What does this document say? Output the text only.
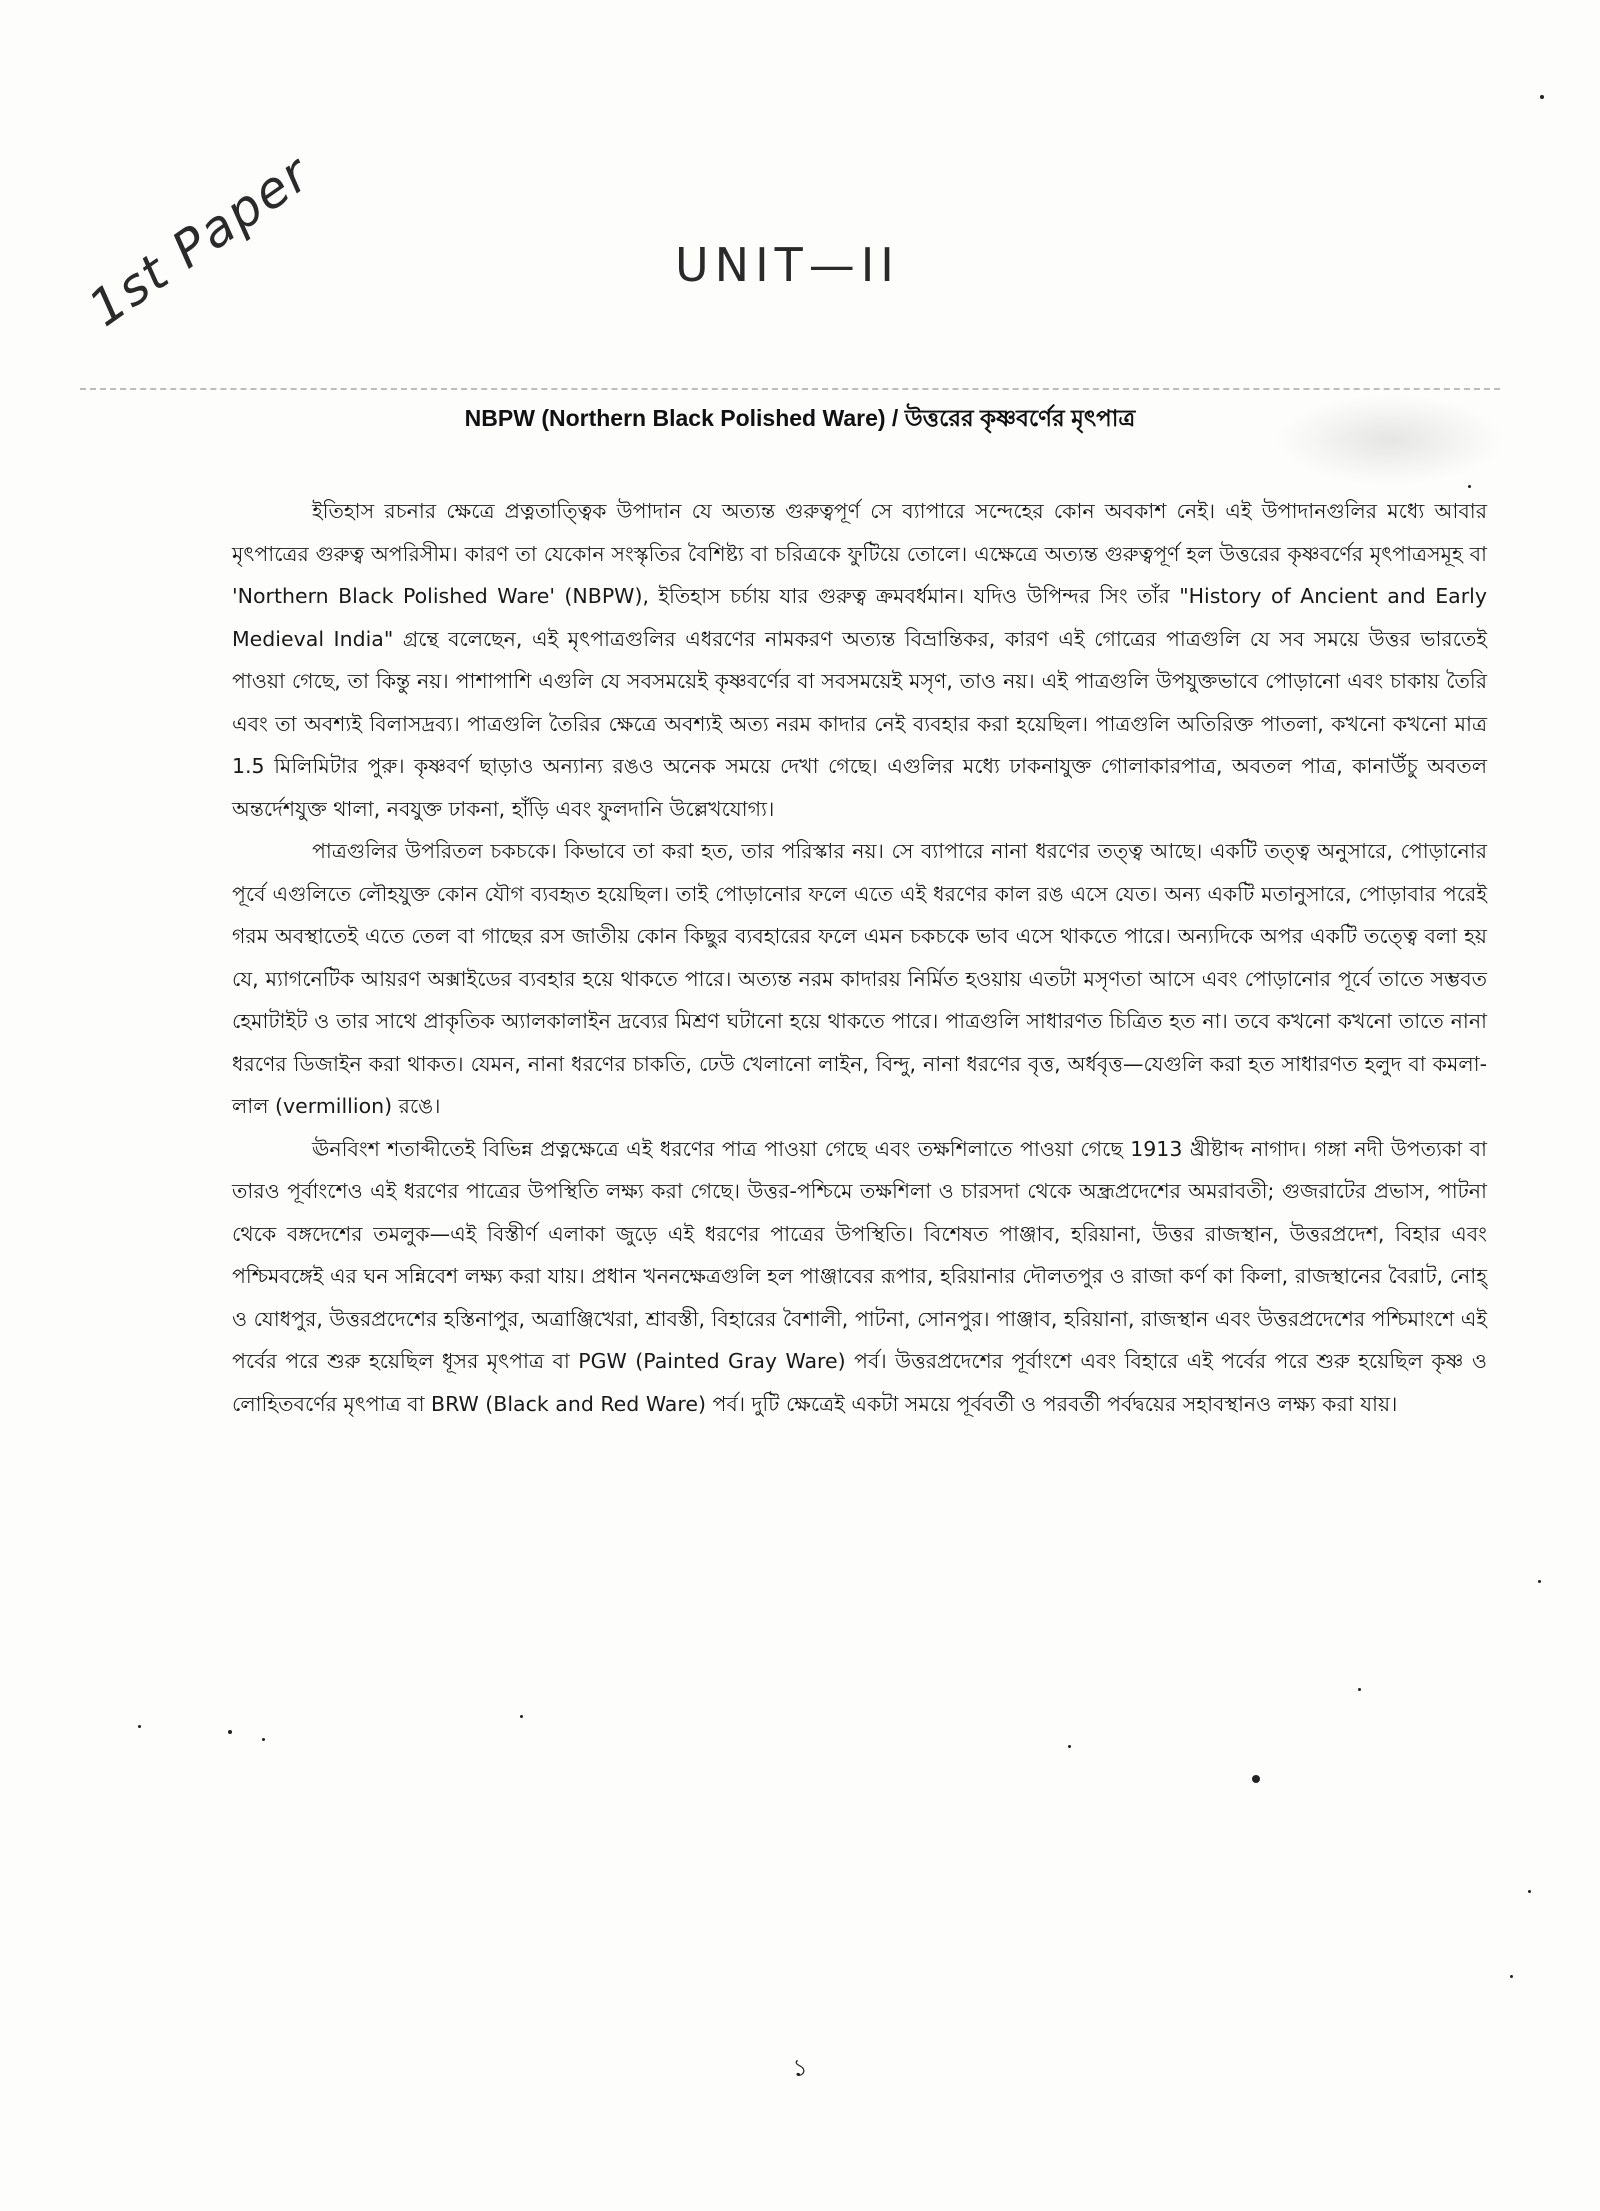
1st Paper	UNIT—II
NBPW (Northern Black Polished Ware) / উত্তরের কৃষ্ণবর্ণের মৃৎপাত্র

ইতিহাস রচনার ক্ষেত্রে প্রত্নতাত্ত্বিক উপাদান যে অত্যন্ত গুরুত্বপূর্ণ সে ব্যাপারে সন্দেহের কোন অবকাশ নেই। এই উপাদানগুলির মধ্যে আবার মৃৎপাত্রের গুরুত্ব অপরিসীম। কারণ তা যেকোন সংস্কৃতির বৈশিষ্ট্য বা চরিত্রকে ফুটিয়ে তোলে। এক্ষেত্রে অত্যন্ত গুরুত্বপূর্ণ হল উত্তরের কৃষ্ণবর্ণের মৃৎপাত্রসমূহ বা 'Northern Black Polished Ware' (NBPW), ইতিহাস চর্চায় যার গুরুত্ব ক্রমবর্ধমান। যদিও উপিন্দর সিং তাঁর "History of Ancient and Early Medieval India" গ্রন্থে বলেছেন, এই মৃৎপাত্রগুলির এধরণের নামকরণ অত্যন্ত বিভ্রান্তিকর, কারণ এই গোত্রের পাত্রগুলি যে সব সময়ে উত্তর ভারতেই পাওয়া গেছে, তা কিন্তু নয়। পাশাপাশি এগুলি যে সবসময়েই কৃষ্ণবর্ণের বা সবসময়েই মসৃণ, তাও নয়। এই পাত্রগুলি উপযুক্তভাবে পোড়ানো এবং চাকায় তৈরি এবং তা অবশ্যই বিলাসদ্রব্য। পাত্রগুলি তৈরির ক্ষেত্রে অবশ্যই অত্য নরম কাদার নেই ব্যবহার করা হয়েছিল। পাত্রগুলি অতিরিক্ত পাতলা, কখনো কখনো মাত্র 1.5 মিলিমিটার পুরু। কৃষ্ণবর্ণ ছাড়াও অন্যান্য রঙও অনেক সময়ে দেখা গেছে। এগুলির মধ্যে ঢাকনাযুক্ত গোলাকারপাত্র, অবতল পাত্র, কানাউঁচু অবতল অন্তর্দেশযুক্ত থালা, নবযুক্ত ঢাকনা, হাঁড়ি এবং ফুলদানি উল্লেখযোগ্য।

পাত্রগুলির উপরিতল চকচকে। কিভাবে তা করা হত, তার পরিস্কার নয়। সে ব্যাপারে নানা ধরণের তত্ত্ব আছে। একটি তত্ত্ব অনুসারে, পোড়ানোর পূর্বে এগুলিতে লৌহযুক্ত কোন যৌগ ব্যবহৃত হয়েছিল। তাই পোড়ানোর ফলে এতে এই ধরণের কাল রঙ এসে যেত। অন্য একটি মতানুসারে, পোড়াবার পরেই গরম অবস্থাতেই এতে তেল বা গাছের রস জাতীয় কোন কিছুর ব্যবহারের ফলে এমন চকচকে ভাব এসে থাকতে পারে। অন্যদিকে অপর একটি তত্ত্বে বলা হয় যে, ম্যাগনেটিক আয়রণ অক্সাইডের ব্যবহার হয়ে থাকতে পারে। অত্যন্ত নরম কাদারয় নির্মিত হওয়ায় এতটা মসৃণতা আসে এবং পোড়ানোর পূর্বে তাতে সম্ভবত হেমাটাইট ও তার সাথে প্রাকৃতিক অ্যালকালাইন দ্রব্যের মিশ্রণ ঘটানো হয়ে থাকতে পারে। পাত্রগুলি সাধারণত চিত্রিত হত না। তবে কখনো কখনো তাতে নানা ধরণের ডিজাইন করা থাকত। যেমন, নানা ধরণের চাকতি, ঢেউ খেলানো লাইন, বিন্দু, নানা ধরণের বৃত্ত, অর্ধবৃত্ত—যেগুলি করা হত সাধারণত হলুদ বা কমলা-লাল (vermillion) রঙে।

ঊনবিংশ শতাব্দীতেই বিভিন্ন প্রত্নক্ষেত্রে এই ধরণের পাত্র পাওয়া গেছে এবং তক্ষশিলাতে পাওয়া গেছে 1913 খ্রীষ্টাব্দ নাগাদ। গঙ্গা নদী উপত্যকা বা তারও পূর্বাংশেও এই ধরণের পাত্রের উপস্থিতি লক্ষ্য করা গেছে। উত্তর-পশ্চিমে তক্ষশিলা ও চারসদা থেকে অন্ধ্রপ্রদেশের অমরাবতী; গুজরাটের প্রভাস, পাটনা থেকে বঙ্গদেশের তমলুক—এই বিস্তীর্ণ এলাকা জুড়ে এই ধরণের পাত্রের উপস্থিতি। বিশেষত পাঞ্জাব, হরিয়ানা, উত্তর রাজস্থান, উত্তরপ্রদেশ, বিহার এবং পশ্চিমবঙ্গেই এর ঘন সন্নিবেশ লক্ষ্য করা যায়। প্রধান খননক্ষেত্রগুলি হল পাঞ্জাবের রূপার, হরিয়ানার দৌলতপুর ও রাজা কর্ণ কা কিলা, রাজস্থানের বৈরাট, নোহ্ ও যোধপুর, উত্তরপ্রদেশের হস্তিনাপুর, অত্রাঞ্জিখেরা, শ্রাবস্তী, বিহারের বৈশালী, পাটনা, সোনপুর। পাঞ্জাব, হরিয়ানা, রাজস্থান এবং উত্তরপ্রদেশের পশ্চিমাংশে এই পর্বের পরে শুরু হয়েছিল ধূসর মৃৎপাত্র বা PGW (Painted Gray Ware) পর্ব। উত্তরপ্রদেশের পূর্বাংশে এবং বিহারে এই পর্বের পরে শুরু হয়েছিল কৃষ্ণ ও লোহিতবর্ণের মৃৎপাত্র বা BRW (Black and Red Ware) পর্ব। দুটি ক্ষেত্রেই একটা সময়ে পূর্ববর্তী ও পরবর্তী পর্বদ্বয়ের সহাবস্থানও লক্ষ্য করা যায়।

১
